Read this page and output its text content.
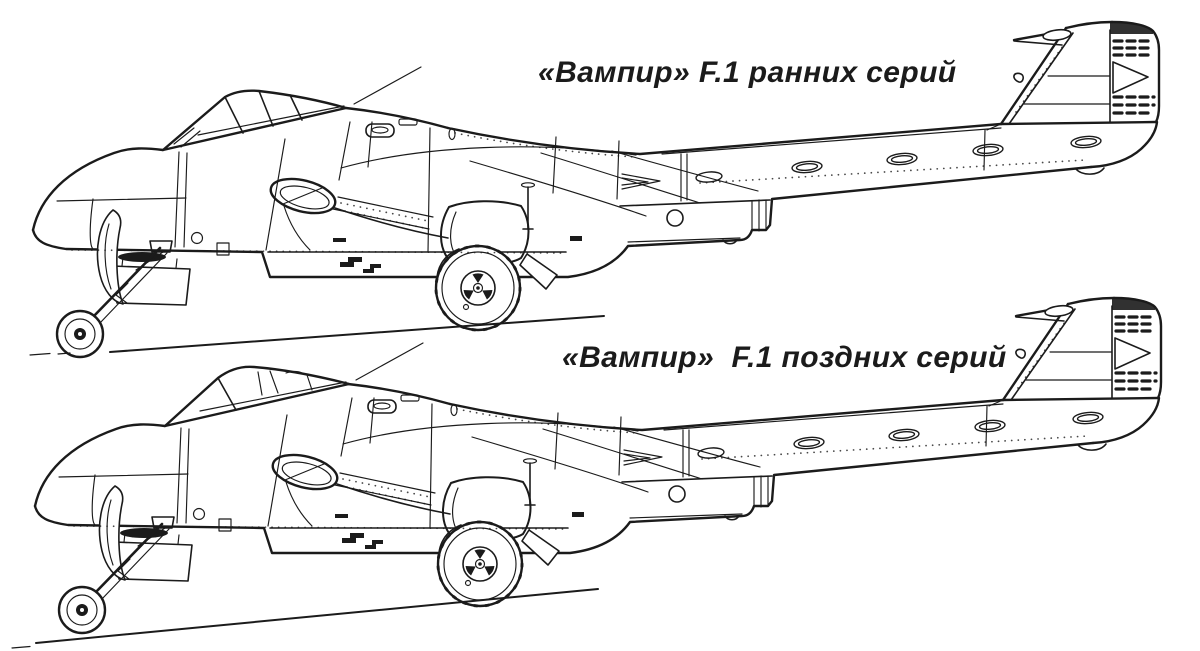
«Вампир» F.1 ранних серий
«Вампир»  F.1 поздних серий
